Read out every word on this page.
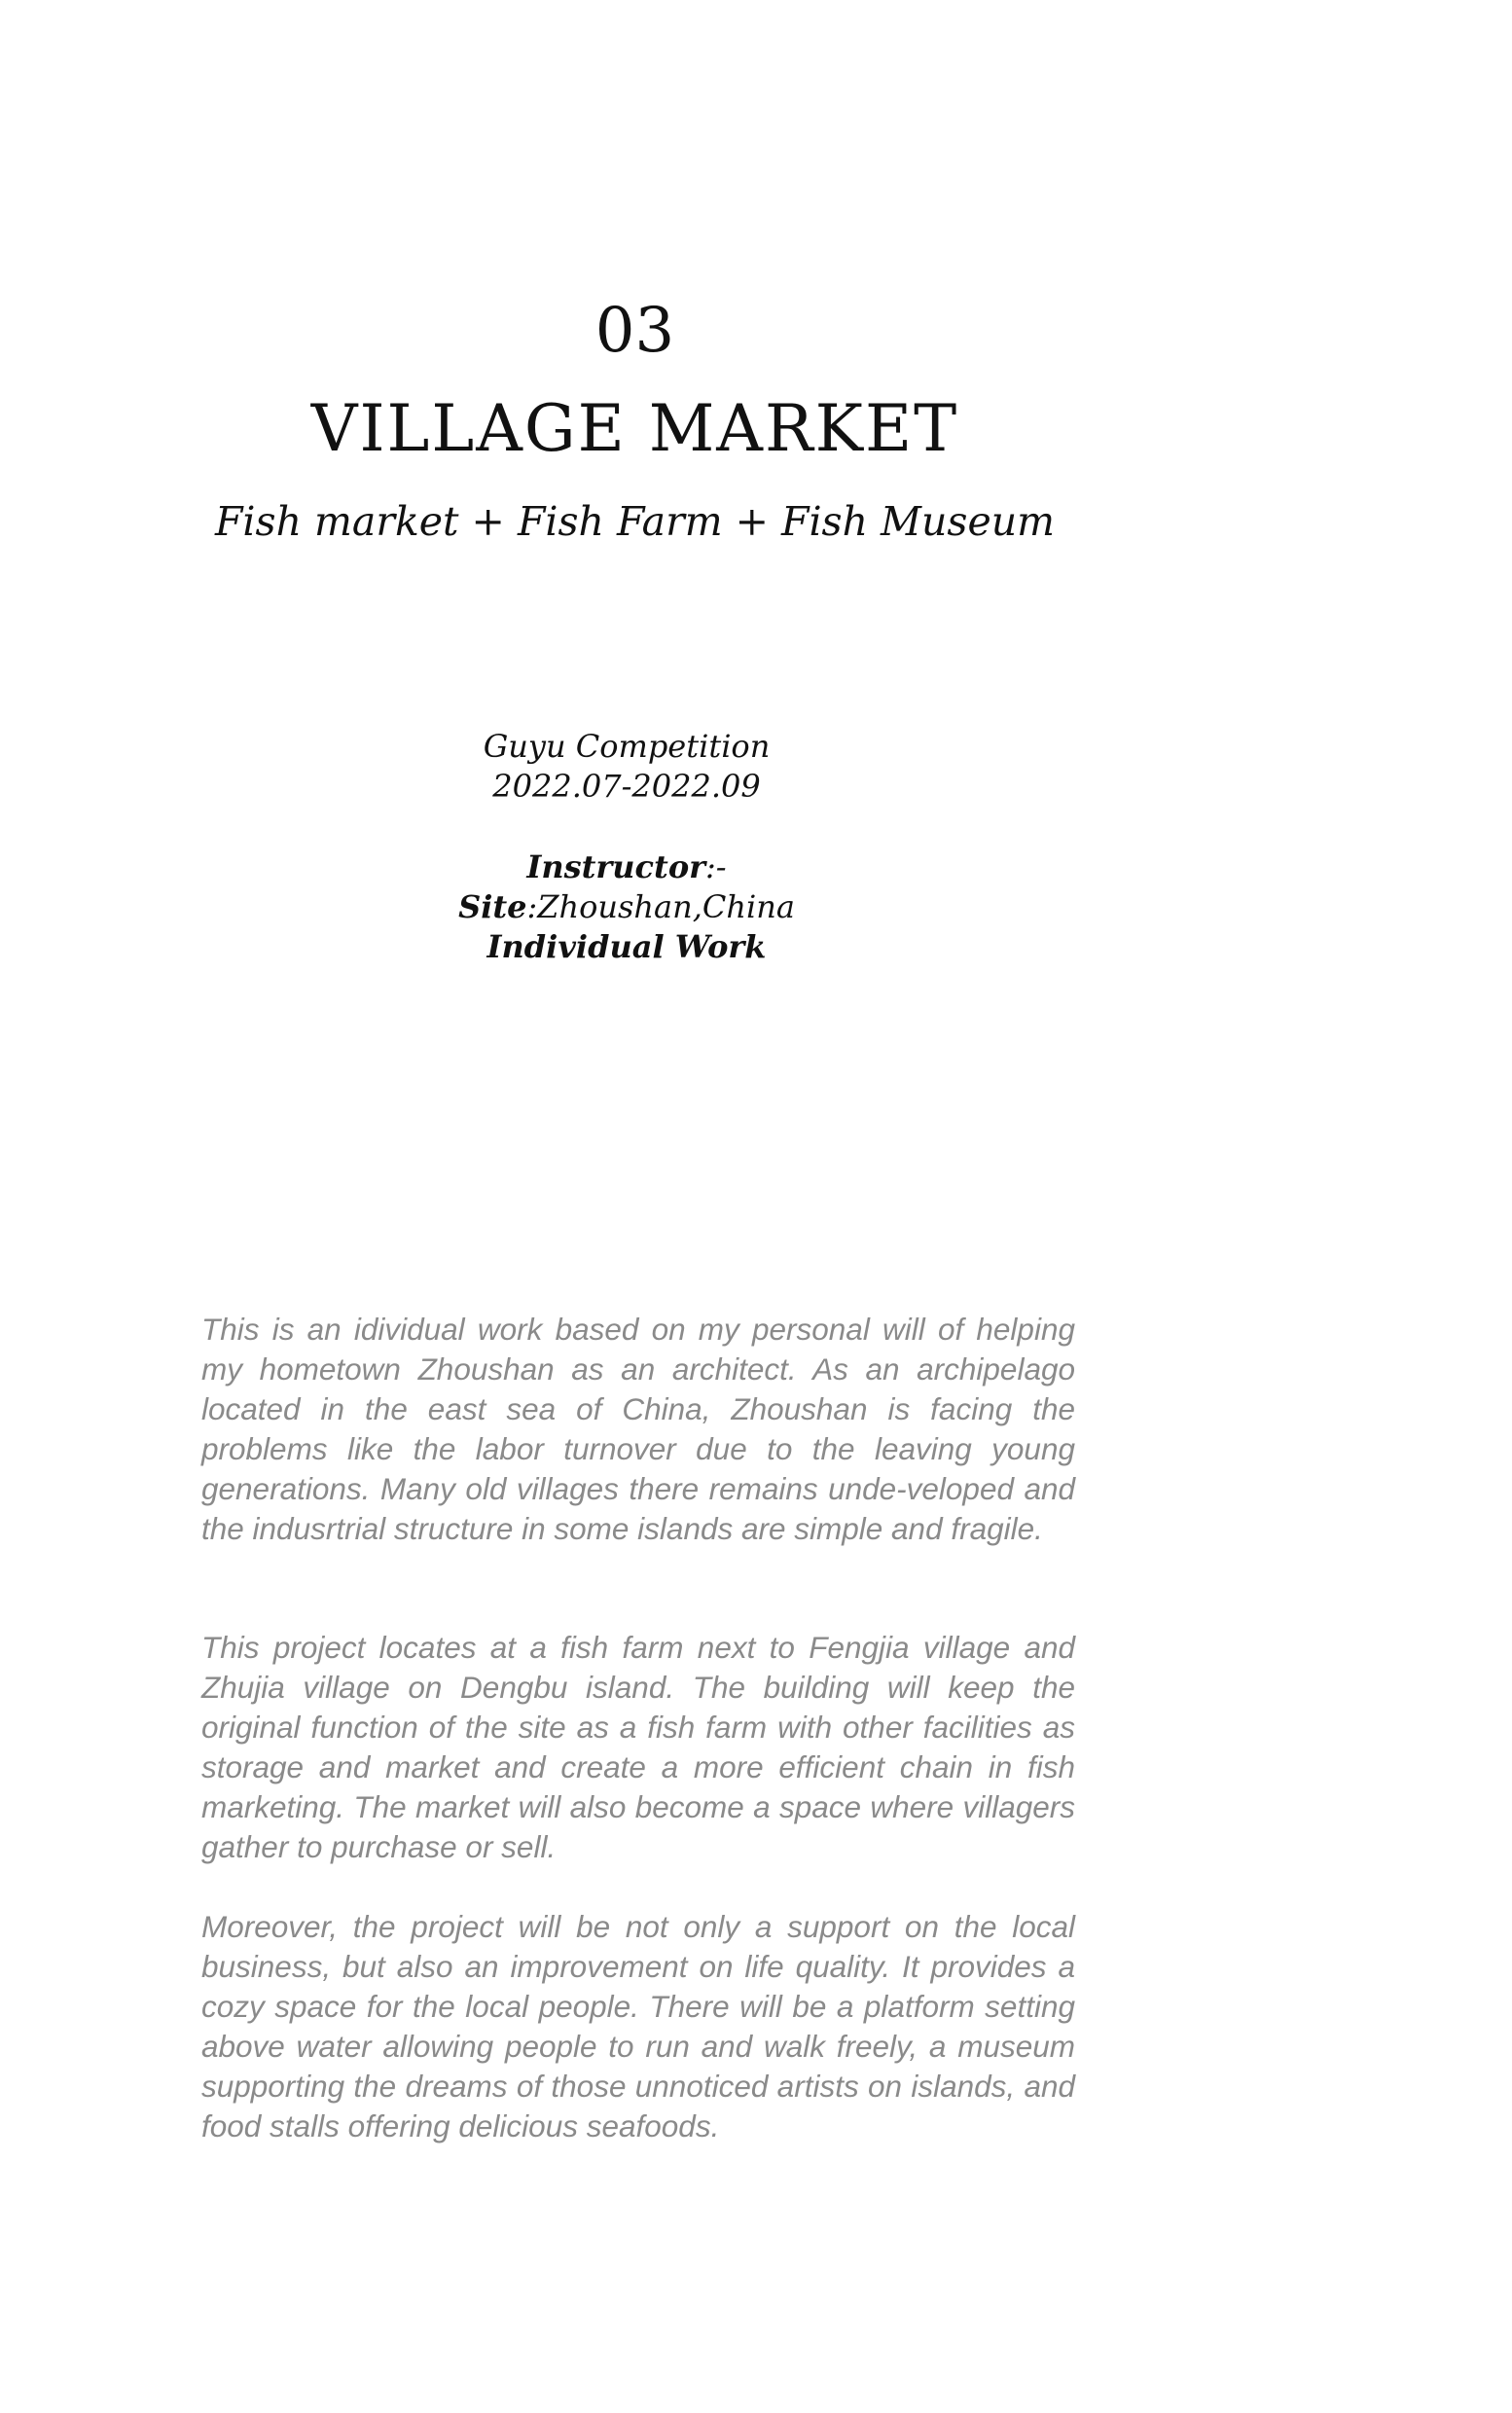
03
VILLAGE MARKET
Fish market + Fish Farm + Fish Museum
Guyu Competition
2022.07-2022.09
Instructor:-
Site:Zhoushan,China
Individual Work

This is an idividual work based on my personal will of helping my hometown Zhoushan as an architect. As an archipelago located in the east sea of China, Zhoushan is facing the problems like the labor turnover due to the leaving young generations. Many old villages there remains unde-veloped and the indusrtrial structure in some islands are simple and fragile.

This project locates at a fish farm next to Fengjia village and Zhujia village on Dengbu island. The building will keep the original function of the site as a fish farm with other facilities as storage and market and create a more efficient chain in fish marketing. The market will also become a space where villagers gather to purchase or sell.

Moreover, the project will be not only a support on the local business, but also an improvement on life quality. It provides a cozy space for the local people. There will be a platform setting above water allowing people to run and walk freely, a museum supporting the dreams of those unnoticed artists on islands, and food stalls offering delicious seafoods.
